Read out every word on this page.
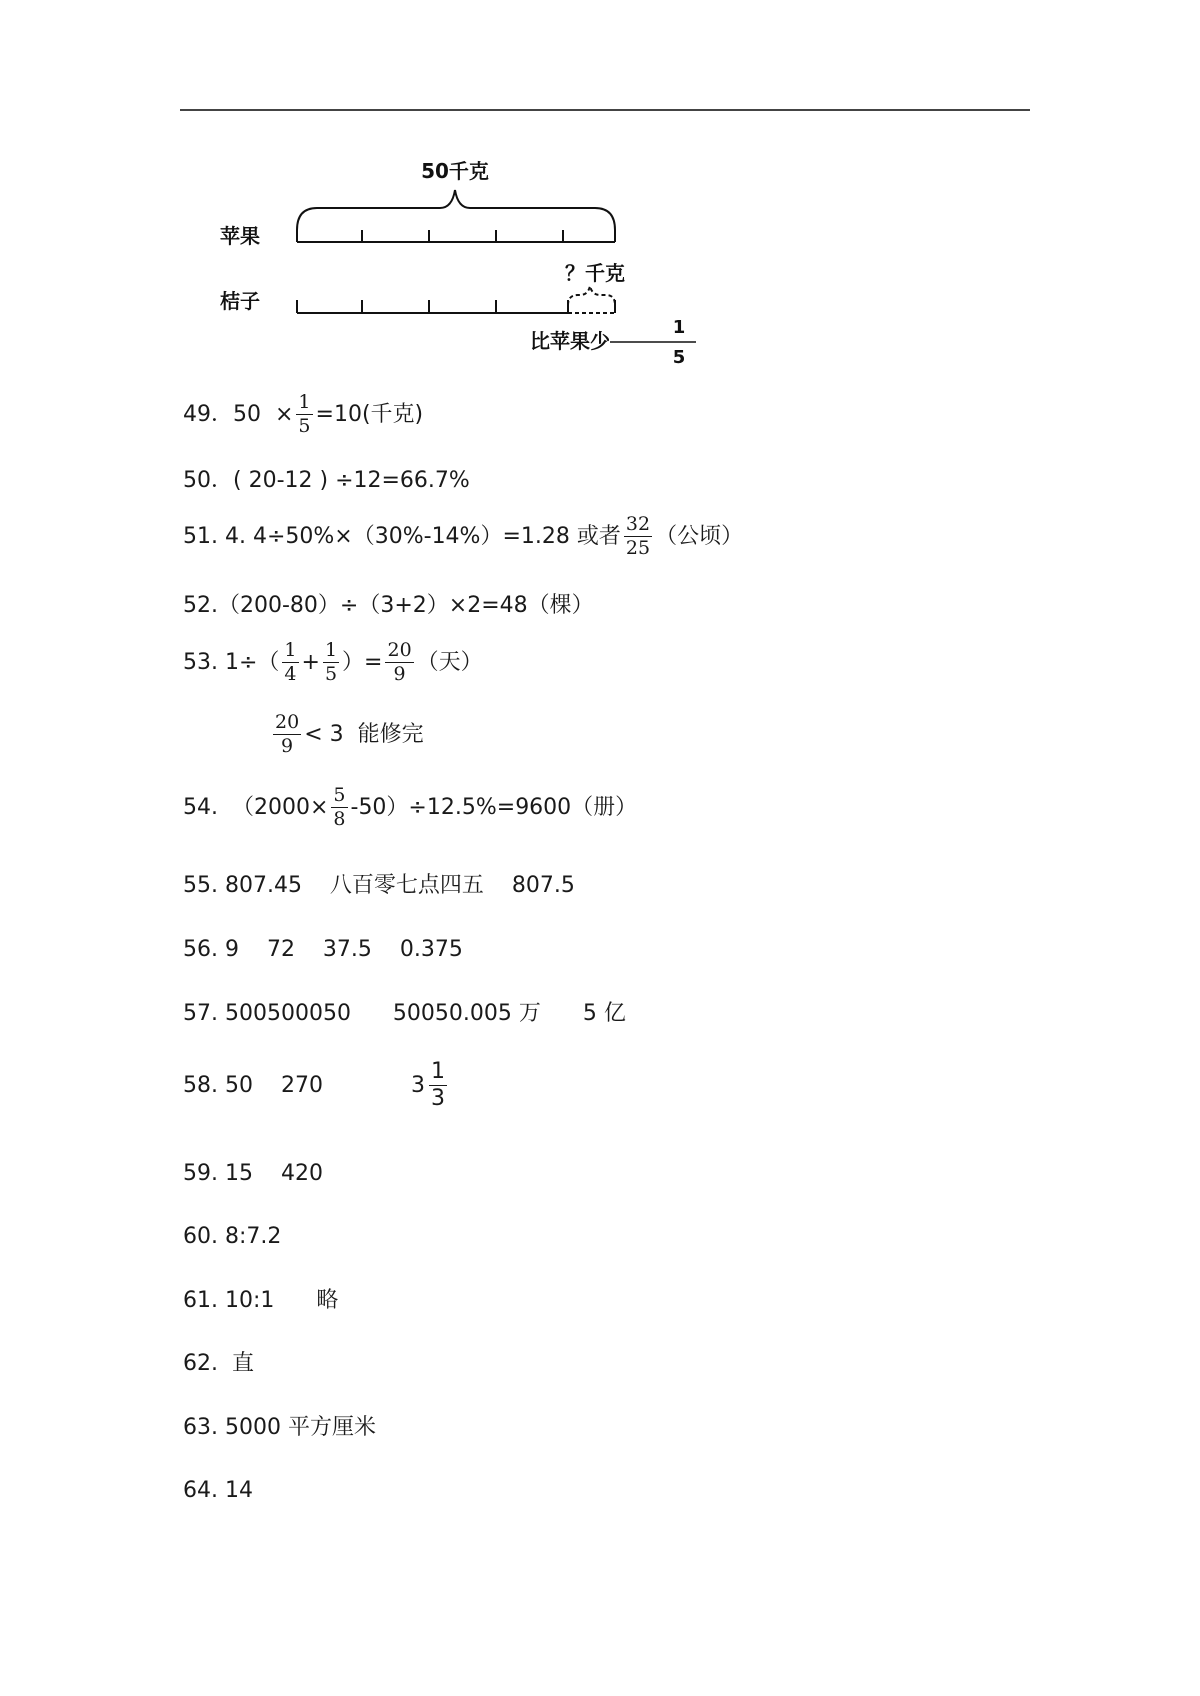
50千克
苹果
？千克
桔子
比苹果少
1
5
49．$50 \times \frac{1}{5} =10$(千克)
50．( 20-12 ) ÷12=66.7%
51. 4. 4÷50%×（30%-14%）=1.28 或者 $\frac{32}{25}$ （公顷）
52.（200-80）÷（3+2）×2=48（棵）
53. $1\div( \frac{1}{4} + \frac{1}{5}$ ）= $\frac{20}{9}$ （天）
$\frac{20}{9} < 3$  能修完
54.  $(2000\times \frac{5}{8} -50)\div 12.5\%=9600$（册）
55. 807.45    八百零七点四五    807.5
56. 9    72    37.5    0.375
57. 500500050      50050.005 万      5 亿
58. 50    270	$3 \frac{1}{3}$
59. 15    420
60. 8:7.2
61. 10:1      略
62.  直
63. 5000 平方厘米
64. 14
